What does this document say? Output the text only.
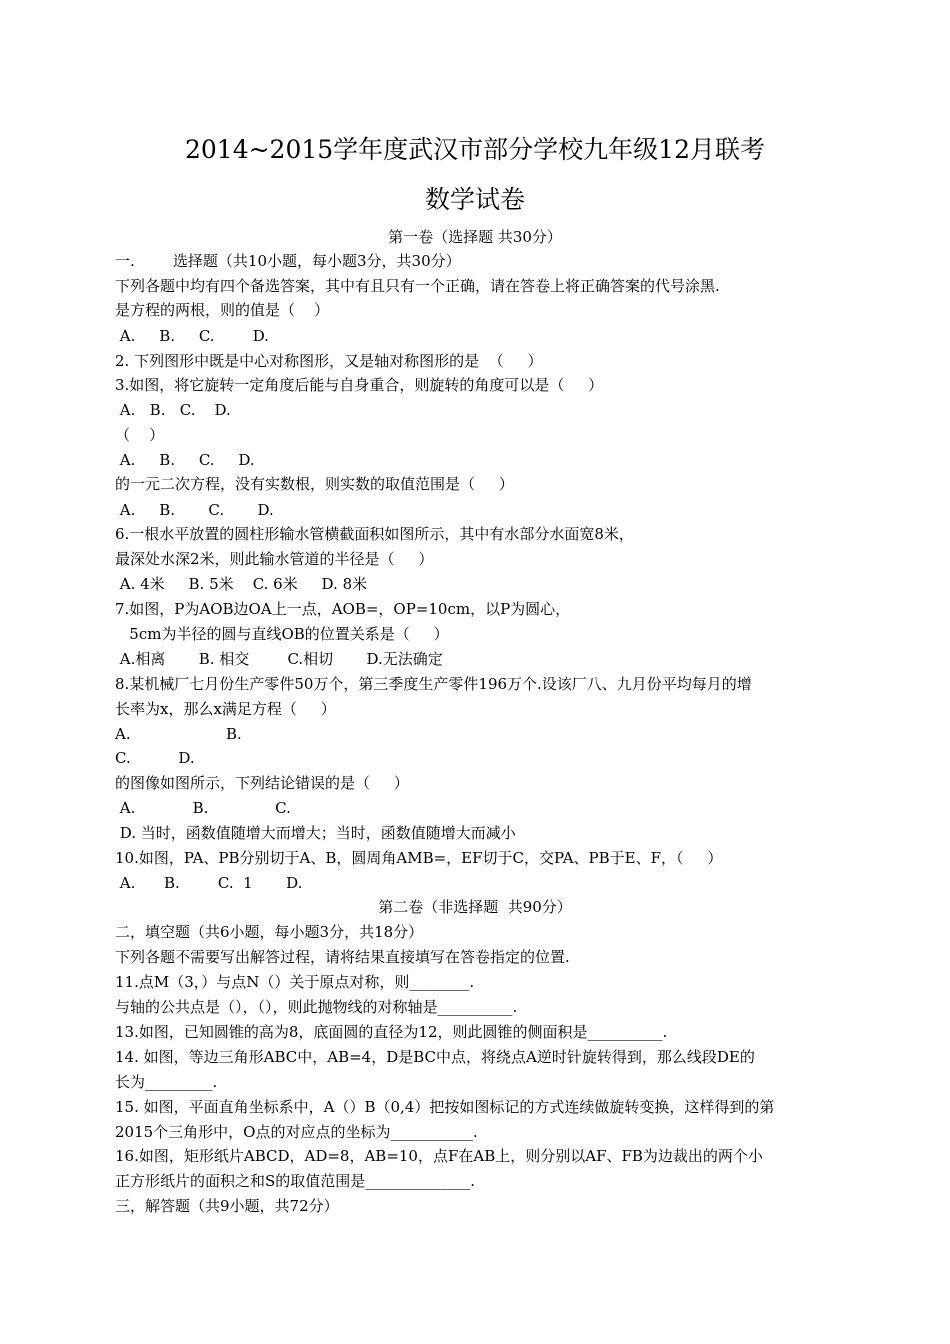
2014~2015学年度武汉市部分学校九年级12月联考
数学试卷
第一卷（选择题 共30分）
一.        选择题（共10小题，每小题3分，共30分）
下列各题中均有四个备选答案，其中有且只有一个正确，请在答卷上将正确答案的代号涂黑.
是方程的两根，则的值是（    ）
A.     B.     C.        D.
2. 下列图形中既是中心对称图形，又是轴对称图形的是  （     ）
3.如图，将它旋转一定角度后能与自身重合，则旋转的角度可以是（     ）
A.   B.   C.    D.
（    ）
A.     B.     C.     D.
的一元二次方程，没有实数根，则实数的取值范围是（     ）
A.     B.       C.       D.
6.一根水平放置的圆柱形输水管横截面积如图所示，其中有水部分水面宽8米，
最深处水深2米，则此输水管道的半径是（     ）
A. 4米     B. 5米    C. 6米     D. 8米
7.如图，P为AOB边OA上一点，AOB=，OP=10cm，以P为圆心，
5cm为半径的圆与直线OB的位置关系是（     ）
A.相离       B. 相交        C.相切       D.无法确定
8.某机械厂七月份生产零件50万个，第三季度生产零件196万个.设该厂八、九月份平均每月的增
长率为x，那么x满足方程（     ）
A.                    B.
C.          D.
的图像如图所示，下列结论错误的是（     ）
A.            B.              C.
D. 当时，函数值随增大而增大；当时，函数值随增大而减小
10.如图，PA、PB分别切于A、B，圆周角AMB=，EF切于C，交PA、PB于E、F，（     ）
A.      B.        C.  1       D.
第二卷（非选择题  共90分）
二，填空题（共6小题，每小题3分，共18分）
下列各题不需要写出解答过程，请将结果直接填写在答卷指定的位置.
11.点M（3，）与点N（）关于原点对称，则________.
与轴的公共点是（），（），则此抛物线的对称轴是__________.
13.如图，已知圆锥的高为8，底面圆的直径为12，则此圆锥的侧面积是__________.
14. 如图，等边三角形ABC中，AB=4，D是BC中点，将绕点A逆时针旋转得到，那么线段DE的
长为_________.
15. 如图，平面直角坐标系中，A（）B（0,4）把按如图标记的方式连续做旋转变换，这样得到的第
2015个三角形中，O点的对应点的坐标为___________.
16.如图，矩形纸片ABCD，AD=8，AB=10，点F在AB上，则分别以AF、FB为边裁出的两个小
正方形纸片的面积之和S的取值范围是______________.
三，解答题（共9小题，共72分）
